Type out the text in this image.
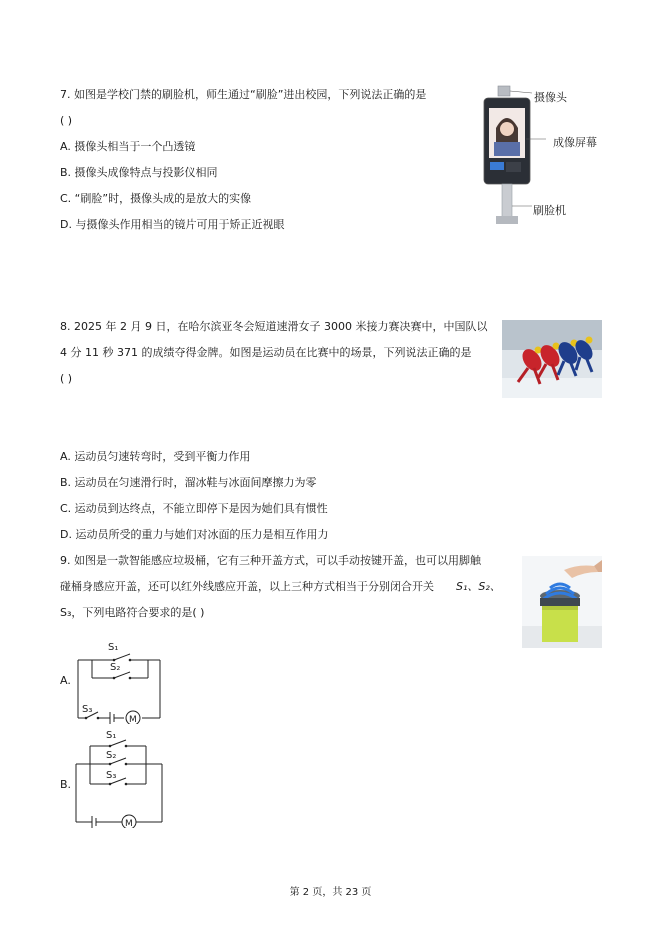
7. 如图是学校门禁的刷脸机，师生通过“刷脸”进出校园，下列说法正确的是
( )
A. 摄像头相当于一个凸透镜
B. 摄像头成像特点与投影仪相同
C. “刷脸”时，摄像头成的是放大的实像
D. 与摄像头作用相当的镜片可用于矫正近视眼
摄像头
成像屏幕
刷脸机
8. 2025 年 2 月 9 日，在哈尔滨亚冬会短道速滑女子 3000 米接力赛决赛中，中国队以
4 分 11 秒 371 的成绩夺得金牌。如图是运动员在比赛中的场景，下列说法正确的是
( )
A. 运动员匀速转弯时，受到平衡力作用
B. 运动员在匀速滑行时，溜冰鞋与冰面间摩擦力为零
C. 运动员到达终点，不能立即停下是因为她们具有惯性
D. 运动员所受的重力与她们对冰面的压力是相互作用力
9. 如图是一款智能感应垃圾桶，它有三种开盖方式，可以手动按键开盖，也可以用脚触
碰桶身感应开盖，还可以红外线感应开盖，以上三种方式相当于分别闭合开关 S₁、S₂、
S₃，下列电路符合要求的是( )
A.
S₁
S₂
S₃
M
B.
S₁
S₂
S₃
M
第 2 页，共 23 页
